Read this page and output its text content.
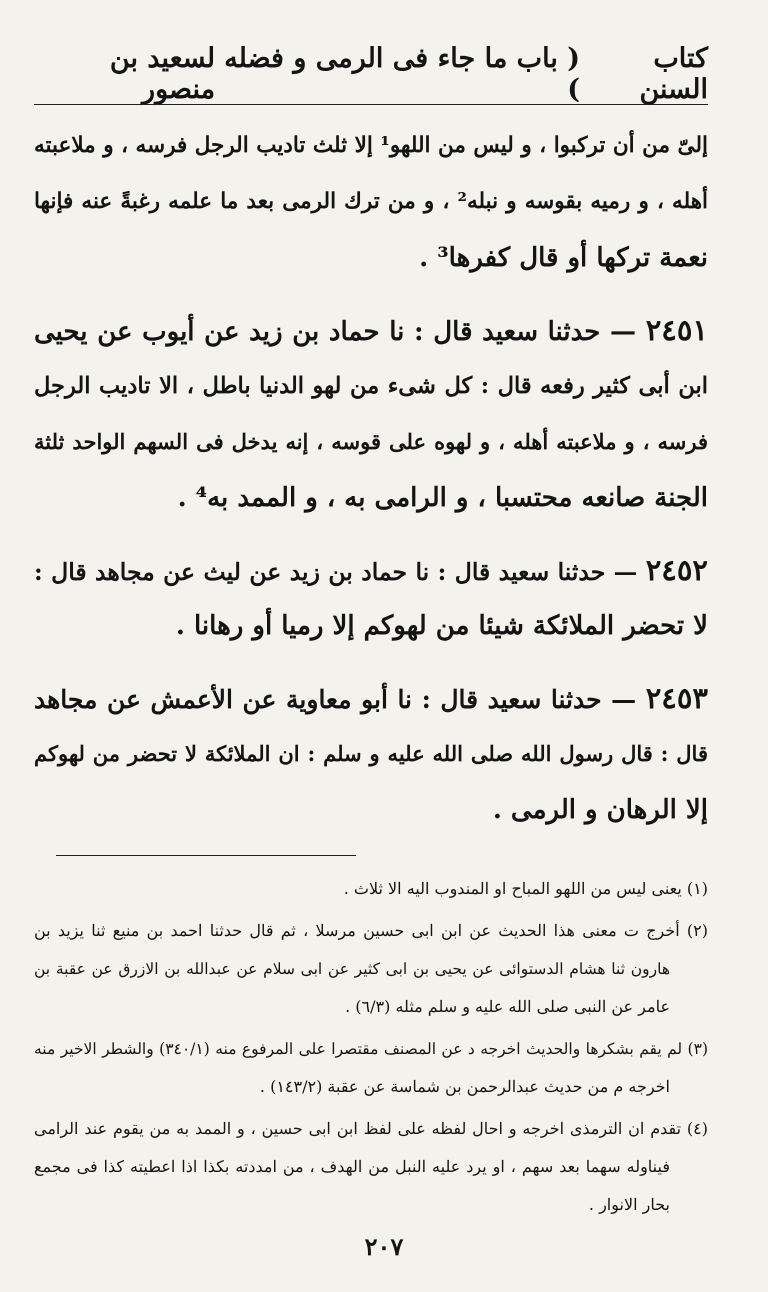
كتاب السنن
( باب ما جاء فى الرمى و فضله )
لسعيد بن منصور
إلىّ من أن تركبوا ، و ليس من اللهو¹ إلا ثلث تاديب الرجل فرسه ، و ملاعبته
أهله ، و رميه بقوسه و نبله² ، و من ترك الرمى بعد ما علمه رغبةً عنه فإنها
نعمة تركها أو قال كفرها³ .
٢٤٥١ — حدثنا سعيد قال : نا حماد بن زيد عن أيوب عن يحيى
ابن أبى كثير رفعه قال : كل شىء من لهو الدنيا باطل ، الا تاديب الرجل
فرسه ، و ملاعبته أهله ، و لهوه على قوسه ، إنه يدخل فى السهم الواحد ثلثة
الجنة صانعه محتسبا ، و الرامى به ، و الممد به⁴ .
٢٤٥٢ — حدثنا سعيد قال : نا حماد بن زيد عن ليث عن مجاهد قال :
لا تحضر الملائكة شيئا من لهوكم إلا رميا أو رهانا .
٢٤٥٣ — حدثنا سعيد قال : نا أبو معاوية عن الأعمش عن مجاهد
قال : قال رسول الله صلى الله عليه و سلم : ان الملائكة لا تحضر من لهوكم
إلا الرهان و الرمى .
(١) يعنى ليس من اللهو المباح او المندوب اليه الا ثلاث .
(٢) أخرج ت معنى هذا الحديث عن ابن ابى حسين مرسلا ، ثم قال حدثنا احمد بن منيع ثنا يزيد بن
هارون ثنا هشام الدستوائى عن يحيى بن ابى كثير عن ابى سلام عن عبدالله بن الازرق عن عقبة بن
عامر عن النبى صلى الله عليه و سلم مثله (٦/٣) .
(٣) لم يقم بشكرها والحديث اخرجه د عن المصنف مقتصرا على المرفوع منه (٣٤٠/١) والشطر الاخير منه
اخرجه م من حديث عبدالرحمن بن شماسة عن عقبة (١٤٣/٢) .
(٤) تقدم ان الترمذى اخرجه و احال لفظه على لفظ ابن ابى حسين ، و الممد به من يقوم عند الرامى
فيناوله سهما بعد سهم ، او يرد عليه النبل من الهدف ، من امددته بكذا اذا اعطيته كذا فى مجمع
بحار الانوار .
٢٠٧
